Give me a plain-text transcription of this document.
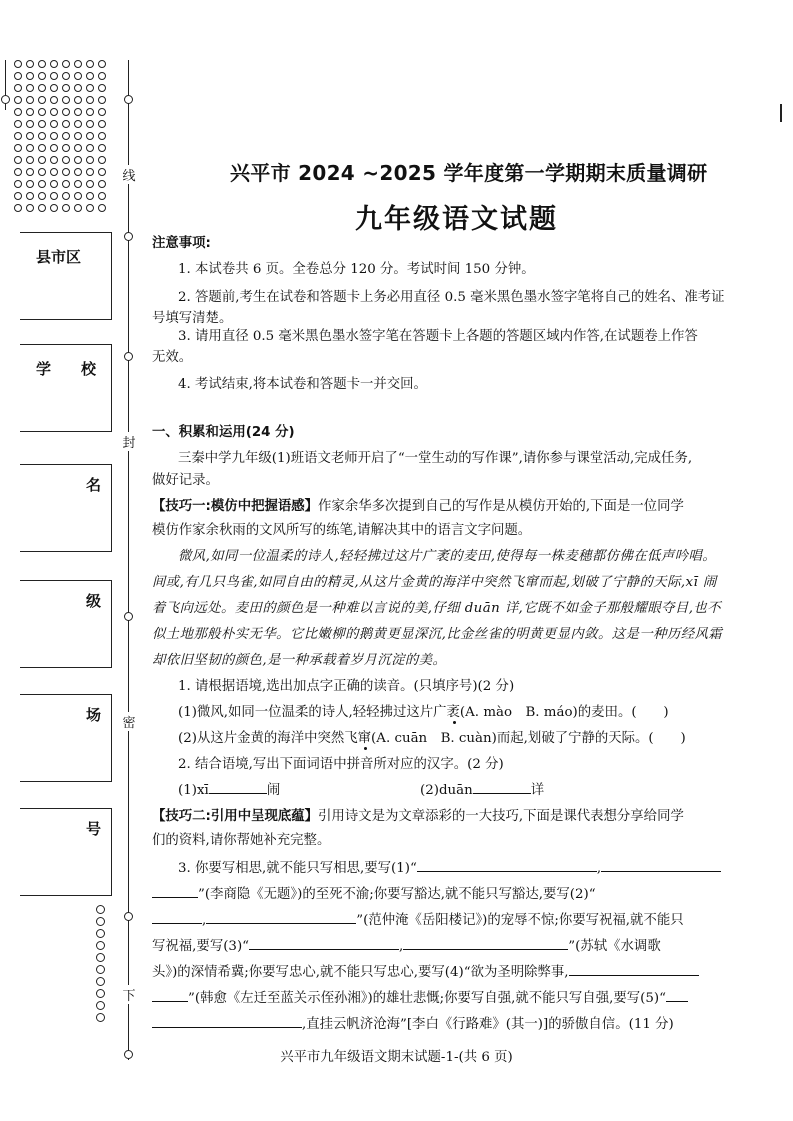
线
封
密
下
县市区
学　　校
名
级
场
号
兴平市 2024 ~2025 学年度第一学期期末质量调研
九年级语文试题
注意事项:
1. 本试卷共 6 页。全卷总分 120 分。考试时间 150 分钟。
2. 答题前,考生在试卷和答题卡上务必用直径 0.5 毫米黑色墨水签字笔将自己的姓名、准考证
号填写清楚。
3. 请用直径 0.5 毫米黑色墨水签字笔在答题卡上各题的答题区域内作答,在试题卷上作答
无效。
4. 考试结束,将本试卷和答题卡一并交回。
一、积累和运用(24 分)
三秦中学九年级(1)班语文老师开启了“一堂生动的写作课”,请你参与课堂活动,完成任务,
做好记录。
【技巧一:模仿中把握语感】作家余华多次提到自己的写作是从模仿开始的,下面是一位同学
模仿作家余秋雨的文风所写的练笔,请解决其中的语言文字问题。
微风,如同一位温柔的诗人,轻轻拂过这片广袤的麦田,使得每一株麦穗都仿佛在低声吟唱。
间或,有几只鸟雀,如同自由的精灵,从这片金黄的海洋中突然飞窜而起,划破了宁静的天际,xī 闹
着飞向远处。麦田的颜色是一种难以言说的美,仔细 duān 详,它既不如金子那般耀眼夺目,也不
似土地那般朴实无华。它比嫩柳的鹅黄更显深沉,比金丝雀的明黄更显内敛。这是一种历经风霜
却依旧坚韧的颜色,是一种承载着岁月沉淀的美。
1. 请根据语境,选出加点字正确的读音。(只填序号)(2 分)
(1)微风,如同一位温柔的诗人,轻轻拂过这片广袤(A. mào　B. máo)的麦田。(　　)
(2)从这片金黄的海洋中突然飞窜(A. cuān　B. cuàn)而起,划破了宁静的天际。(　　)
2. 结合语境,写出下面词语中拼音所对应的汉字。(2 分)
(1)xī	闹	(2)duān	详
【技巧二:引用中呈现底蕴】引用诗文是为文章添彩的一大技巧,下面是课代表想分享给同学
们的资料,请你帮她补充完整。
3. 你要写相思,就不能只写相思,要写(1)“	,
”(李商隐《无题》)的至死不渝;你要写豁达,就不能只写豁达,要写(2)“
,	”(范仲淹《岳阳楼记》)的宠辱不惊;你要写祝福,就不能只
写祝福,要写(3)“	,	”(苏轼《水调歌
头》)的深情希冀;你要写忠心,就不能只写忠心,要写(4)“欲为圣明除弊事,
”(韩愈《左迁至蓝关示侄孙湘》)的雄壮悲慨;你要写自强,就不能只写自强,要写(5)“
,直挂云帆济沧海”[李白《行路难》(其一)]的骄傲自信。(11 分)
兴平市九年级语文期末试题-1-(共 6 页)
